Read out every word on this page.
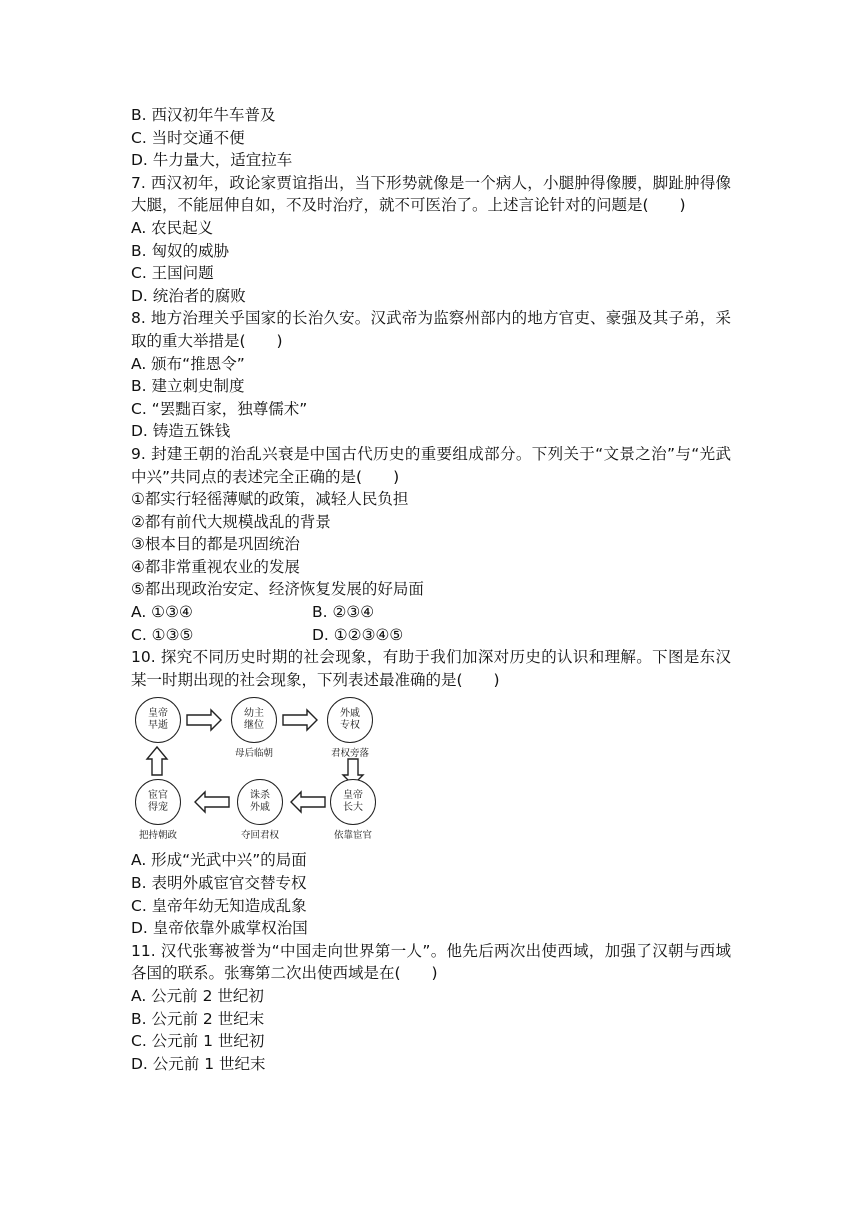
B. 西汉初年牛车普及
C. 当时交通不便
D. 牛力量大，适宜拉车
7. 西汉初年，政论家贾谊指出，当下形势就像是一个病人，小腿肿得像腰，脚趾肿得像大腿，不能屈伸自如，不及时治疗，就不可医治了。上述言论针对的问题是(　　)
A. 农民起义
B. 匈奴的威胁
C. 王国问题
D. 统治者的腐败
8. 地方治理关乎国家的长治久安。汉武帝为监察州部内的地方官吏、豪强及其子弟，采取的重大举措是(　　)
A. 颁布“推恩令”
B. 建立刺史制度
C. “罢黜百家，独尊儒术”
D. 铸造五铢钱
9. 封建王朝的治乱兴衰是中国古代历史的重要组成部分。下列关于“文景之治”与“光武中兴”共同点的表述完全正确的是(　　)
①都实行轻徭薄赋的政策，减轻人民负担
②都有前代大规模战乱的背景
③根本目的都是巩固统治
④都非常重视农业的发展
⑤都出现政治安定、经济恢复发展的好局面
A. ①③④	B. ②③④
C. ①③⑤	D. ①②③④⑤
10. 探究不同历史时期的社会现象，有助于我们加深对历史的认识和理解。下图是东汉某一时期出现的社会现象，下列表述最准确的是(　　)
皇帝
早逝
幼主
继位
外戚
专权
皇帝
长大
诛杀
外戚
宦官
得宠
母后临朝	君权旁落
依靠宦官
夺回君权
把持朝政
A. 形成“光武中兴”的局面
B. 表明外戚宦官交替专权
C. 皇帝年幼无知造成乱象
D. 皇帝依靠外戚掌权治国
11. 汉代张骞被誉为“中国走向世界第一人”。他先后两次出使西域，加强了汉朝与西域各国的联系。张骞第二次出使西域是在(　　)
A. 公元前 2 世纪初
B. 公元前 2 世纪末
C. 公元前 1 世纪初
D. 公元前 1 世纪末
